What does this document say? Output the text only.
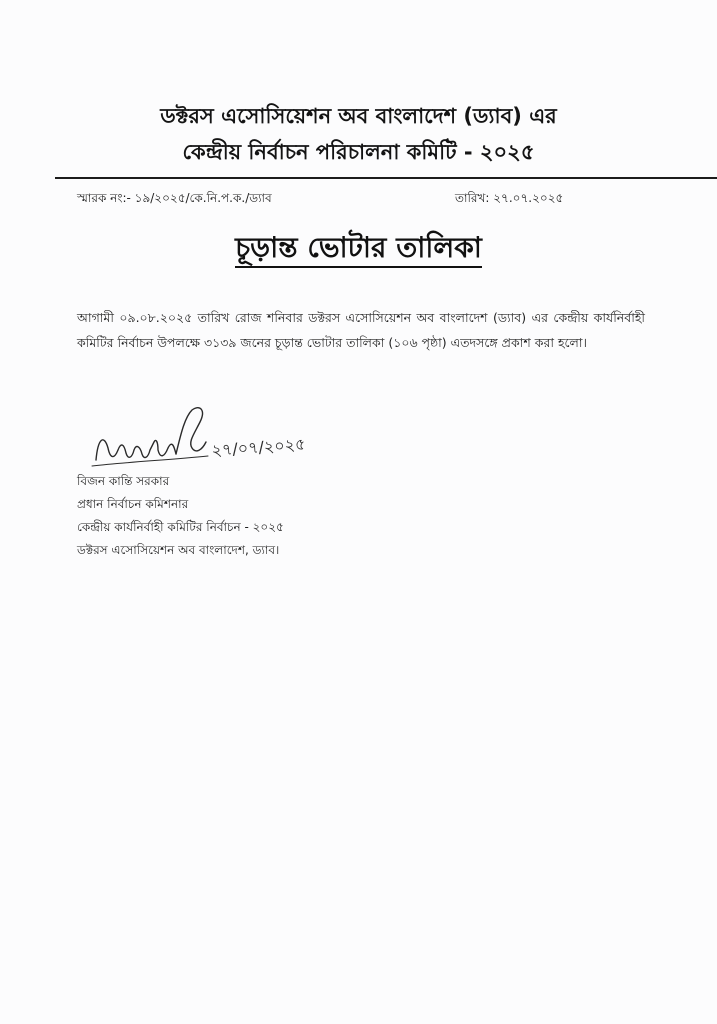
ডক্টরস এসোসিয়েশন অব বাংলাদেশ (ড্যাব) এর
কেন্দ্রীয় নির্বাচন পরিচালনা কমিটি - ২০২৫
স্মারক নং:- ১৯/২০২৫/কে.নি.প.ক./ড্যাব	তারিখ: ২৭.০৭.২০২৫
চূড়ান্ত ভোটার তালিকা
আগামী ০৯.০৮.২০২৫ তারিখ রোজ শনিবার ডক্টরস এসোসিয়েশন অব বাংলাদেশ (ড্যাব) এর কেন্দ্রীয় কার্যনির্বাহী কমিটির নির্বাচন উপলক্ষে ৩১৩৯ জনের চূড়ান্ত ভোটার তালিকা (১০৬ পৃষ্ঠা) এতদসঙ্গে প্রকাশ করা হলো।
২৭/০৭/২০২৫
বিজন কান্তি সরকার
প্রধান নির্বাচন কমিশনার
কেন্দ্রীয় কার্যনির্বাহী কমিটির নির্বাচন - ২০২৫
ডক্টরস এসোসিয়েশন অব বাংলাদেশ, ড্যাব।
